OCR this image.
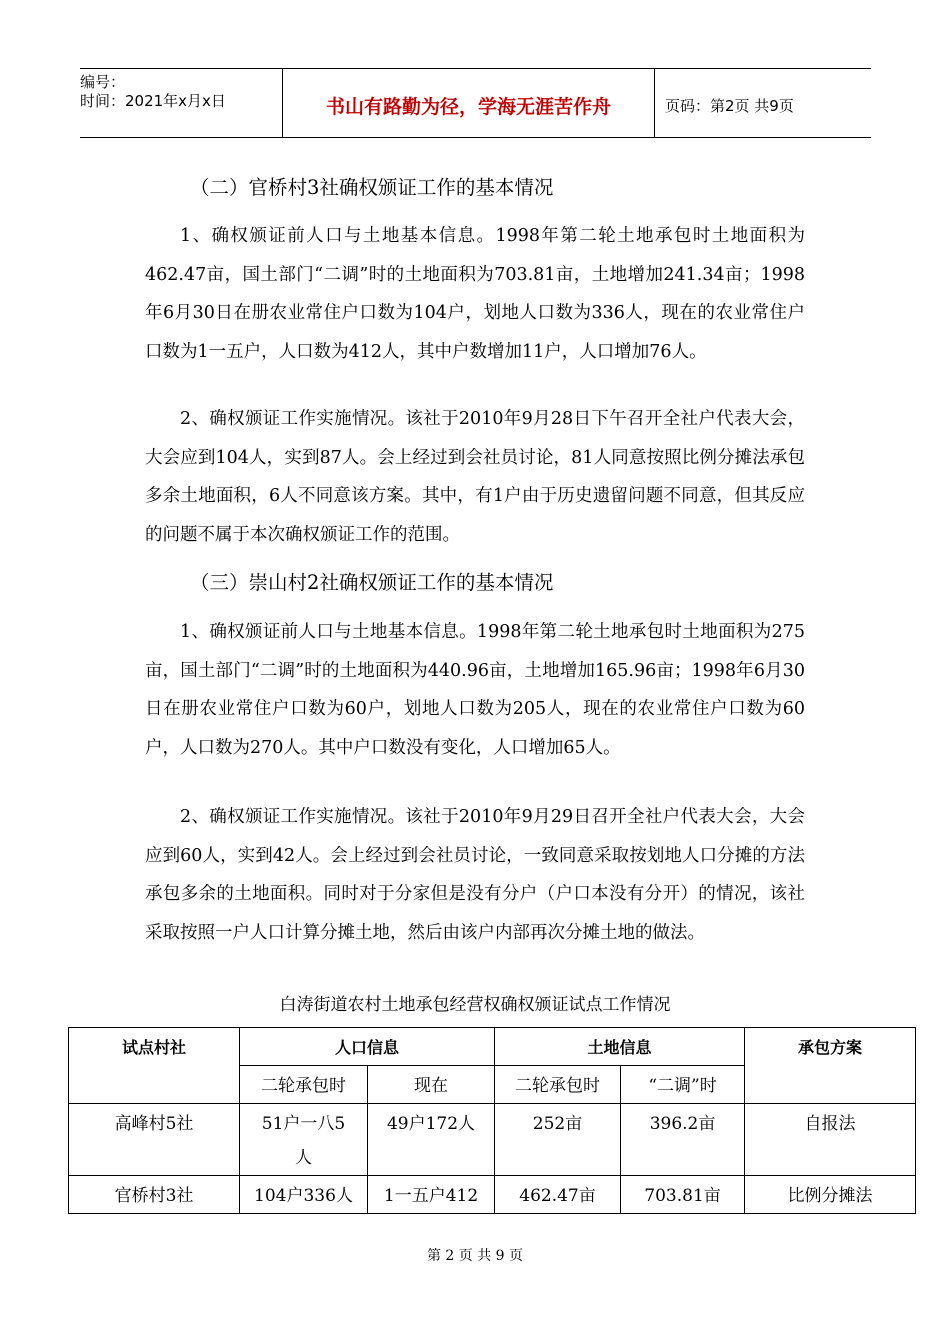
编号：
时间：2021年x月x日	书山有路勤为径，学海无涯苦作舟	页码：第2页 共9页
（二）官桥村3社确权颁证工作的基本情况

1、确权颁证前人口与土地基本信息。1998年第二轮土地承包时土地面积为462.47亩，国土部门“二调”时的土地面积为703.81亩，土地增加241.34亩；1998年6月30日在册农业常住户口数为104户，划地人口数为336人，现在的农业常住户口数为1一五户，人口数为412人，其中户数增加11户，人口增加76人。

2、确权颁证工作实施情况。该社于2010年9月28日下午召开全社户代表大会，大会应到104人，实到87人。会上经过到会社员讨论，81人同意按照比例分摊法承包多余土地面积，6人不同意该方案。其中，有1户由于历史遗留问题不同意，但其反应的问题不属于本次确权颁证工作的范围。

（三）崇山村2社确权颁证工作的基本情况

1、确权颁证前人口与土地基本信息。1998年第二轮土地承包时土地面积为275亩，国土部门“二调”时的土地面积为440.96亩，土地增加165.96亩；1998年6月30日在册农业常住户口数为60户，划地人口数为205人，现在的农业常住户口数为60户，人口数为270人。其中户口数没有变化，人口增加65人。

2、确权颁证工作实施情况。该社于2010年9月29日召开全社户代表大会，大会应到60人，实到42人。会上经过到会社员讨论，一致同意采取按划地人口分摊的方法承包多余的土地面积。同时对于分家但是没有分户（户口本没有分开）的情况，该社采取按照一户人口计算分摊土地，然后由该户内部再次分摊土地的做法。

白涛街道农村土地承包经营权确权颁证试点工作情况
试点村社	人口信息		土地信息		承包方案
	二轮承包时	现在	二轮承包时	“二调”时	
高峰村5社	51户一八5人	49户172人	252亩	396.2亩	自报法
官桥村3社	104户336人	1一五户412	462.47亩	703.81亩	比例分摊法
第 2 页 共 9 页
